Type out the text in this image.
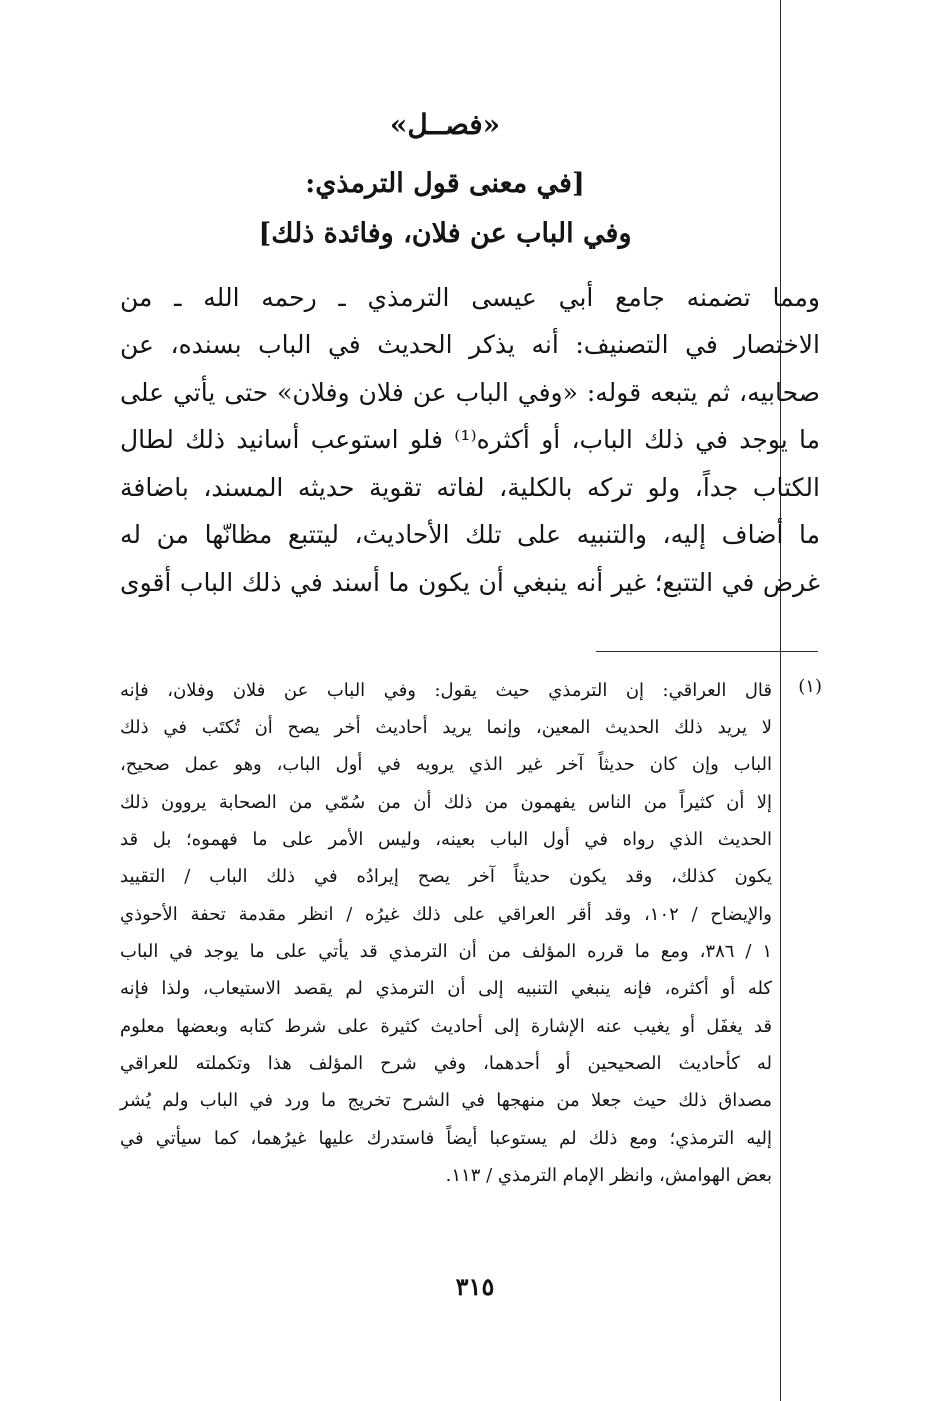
«فصــل»
[في معنى قول الترمذي:
وفي الباب عن فلان، وفائدة ذلك]
ومما تضمنه جامع أبي عيسى الترمذي ـ رحمه الله ـ من
الاختصار في التصنيف: أنه يذكر الحديث في الباب بسنده، عن
صحابيه، ثم يتبعه قوله: «وفي الباب عن فلان وفلان» حتى يأتي على
ما يوجد في ذلك الباب، أو أكثره⁽¹⁾ فلو استوعب أسانيد ذلك لطال
الكتاب جداً، ولو تركه بالكلية، لفاته تقوية حديثه المسند، باضافة
ما أضاف إليه، والتنبيه على تلك الأحاديث، ليتتبع مظانّها من له
غرض في التتبع؛ غير أنه ينبغي أن يكون ما أسند في ذلك الباب أقوى
(١)
قال العراقي: إن الترمذي حيث يقول: وفي الباب عن فلان وفلان، فإنه
لا يريد ذلك الحديث المعين، وإنما يريد أحاديث أخر يصح أن تُكتَب في ذلك
الباب وإن كان حديثاً آخر غير الذي يرويه في أول الباب، وهو عمل صحيح،
إلا أن كثيراً من الناس يفهمون من ذلك أن من سُمّي من الصحابة يروون ذلك
الحديث الذي رواه في أول الباب بعينه، وليس الأمر على ما فهموه؛ بل قد
يكون كذلك، وقد يكون حديثاً آخر يصح إيرادُه في ذلك الباب / التقييد
والإيضاح / ١٠٢، وقد أقر العراقي على ذلك غيرُه / انظر مقدمة تحفة الأحوذي
١ / ٣٨٦، ومع ما قرره المؤلف من أن الترمذي قد يأتي على ما يوجد في الباب
كله أو أكثره، فإنه ينبغي التنبيه إلى أن الترمذي لم يقصد الاستيعاب، ولذا فإنه
قد يغفَل أو يغيب عنه الإشارة إلى أحاديث كثيرة على شرط كتابه وبعضها معلوم
له كأحاديث الصحيحين أو أحدهما، وفي شرح المؤلف هذا وتكملته للعراقي
مصداق ذلك حيث جعلا من منهجها في الشرح تخريج ما ورد في الباب ولم يُشر
إليه الترمذي؛ ومع ذلك لم يستوعبا أيضاً فاستدرك عليها غيرُهما، كما سيأتي في
بعض الهوامش، وانظر الإمام الترمذي / ١١٣.
٣١٥
